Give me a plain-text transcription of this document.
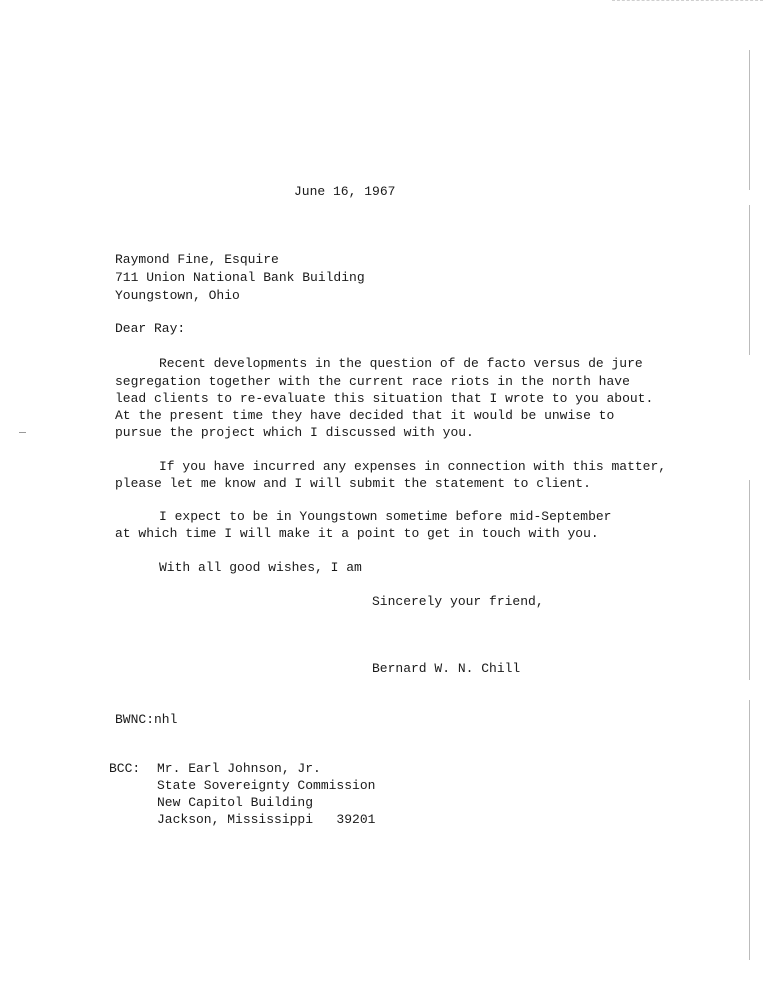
June 16, 1967
Raymond Fine, Esquire
711 Union National Bank Building
Youngstown, Ohio
Dear Ray:
Recent developments in the question of de facto versus de jure
segregation together with the current race riots in the north have
lead clients to re-evaluate this situation that I wrote to you about.
At the present time they have decided that it would be unwise to
pursue the project which I discussed with you.
If you have incurred any expenses in connection with this matter,
please let me know and I will submit the statement to client.
I expect to be in Youngstown sometime before mid-September
at which time I will make it a point to get in touch with you.
With all good wishes, I am
Sincerely your friend,
Bernard W. N. Chill
BWNC:nhl
BCC: Mr. Earl Johnson, Jr.
State Sovereignty Commission
New Capitol Building
Jackson, Mississippi   39201
